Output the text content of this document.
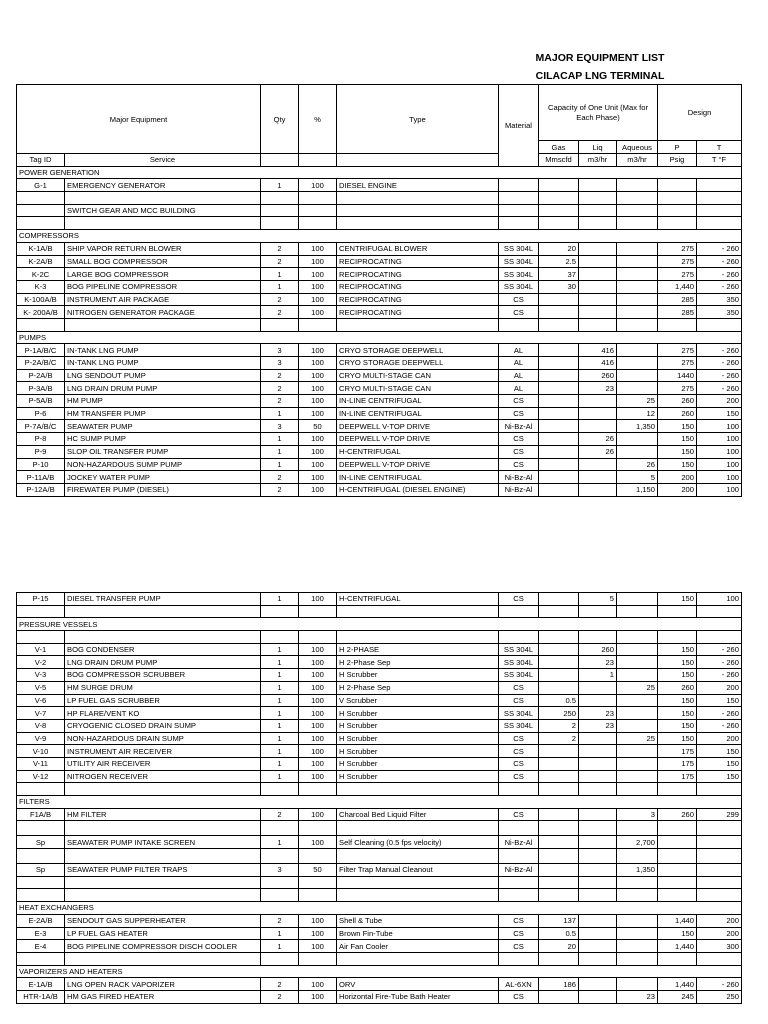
MAJOR EQUIPMENT LIST
CILACAP LNG TERMINAL
Major Equipment		Qty	%	Type	Material	Capacity of One Unit (Max for Each Phase)			Design	
						Gas	Liq	Aqueous	P	T
Tag ID	Service					Mmscfd	m3/hr	m3/hr	Psig	T °F
POWER GENERATION										
G-1	EMERGENCY GENERATOR	1	100	DIESEL ENGINE						

	SWITCH GEAR AND MCC BUILDING									

COMPRESSORS										
K-1A/B	SHIP VAPOR RETURN BLOWER	2	100	CENTRIFUGAL BLOWER	SS 304L	20			275	- 260
K-2A/B	SMALL BOG COMPRESSOR	2	100	RECIPROCATING	SS 304L	2.5			275	- 260
K-2C	LARGE BOG COMPRESSOR	1	100	RECIPROCATING	SS 304L	37			275	- 260
K-3	BOG PIPELINE COMPRESSOR	1	100	RECIPROCATING	SS 304L	30			1,440	- 260
K-100A/B	INSTRUMENT AIR PACKAGE	2	100	RECIPROCATING	CS				285	350
K- 200A/B	NITROGEN GENERATOR PACKAGE	2	100	RECIPROCATING	CS				285	350

PUMPS										
P-1A/B/C	IN-TANK LNG PUMP	3	100	CRYO STORAGE DEEPWELL	AL		416		275	- 260
P-2A/B/C	IN-TANK LNG PUMP	3	100	CRYO STORAGE DEEPWELL	AL		416		275	- 260
P-2A/B	LNG SENDOUT PUMP	2	100	CRYO MULTI-STAGE CAN	AL		260		1440	- 260
P-3A/B	LNG DRAIN DRUM PUMP	2	100	CRYO MULTI-STAGE CAN	AL		23		275	- 260
P-5A/B	HM PUMP	2	100	IN-LINE CENTRIFUGAL	CS			25	260	200
P-6	HM TRANSFER PUMP	1	100	IN-LINE CENTRIFUGAL	CS			12	260	150
P-7A/B/C	SEAWATER PUMP	3	50	DEEPWELL V-TOP DRIVE	Ni-Bz-Al			1,350	150	100
P-8	HC SUMP PUMP	1	100	DEEPWELL V-TOP DRIVE	CS		26		150	100
P-9	SLOP OIL TRANSFER PUMP	1	100	H-CENTRIFUGAL	CS		26		150	100
P-10	NON-HAZARDOUS SUMP PUMP	1	100	DEEPWELL V-TOP DRIVE	CS			26	150	100
P-11A/B	JOCKEY WATER PUMP	2	100	IN-LINE CENTRIFUGAL	Ni-Bz-Al			5	200	100
P-12A/B	FIREWATER PUMP (DIESEL)	2	100	H-CENTRIFUGAL (DIESEL ENGINE)	Ni-Bz-Al			1,150	200	100
P-15	DIESEL TRANSFER PUMP	1	100	H-CENTRIFUGAL	CS		5		150	100

PRESSURE VESSELS										

V-1	BOG CONDENSER	1	100	H 2-PHASE	SS 304L		260		150	- 260
V-2	LNG DRAIN DRUM PUMP	1	100	H 2-Phase Sep	SS 304L		23		150	- 260
V-3	BOG COMPRESSOR SCRUBBER	1	100	H Scrubber	SS 304L		1		150	- 260
V-5	HM SURGE DRUM	1	100	H 2-Phase Sep	CS			25	260	200
V-6	LP FUEL GAS SCRUBBER	1	100	V Scrubber	CS	0.5			150	150
V-7	HP FLARE/VENT KO	1	100	H Scrubber	SS 304L	250	23		150	- 260
V-8	CRYOGENIC CLOSED DRAIN SUMP	1	100	H Scrubber	SS 304L	2	23		150	- 260
V-9	NON-HAZARDOUS DRAIN SUMP	1	100	H Scrubber	CS	2		25	150	200
V-10	INSTRUMENT AIR RECEIVER	1	100	H Scrubber	CS				175	150
V-11	UTILITY AIR RECEIVER	1	100	H Scrubber	CS				175	150
V-12	NITROGEN RECEIVER	1	100	H Scrubber	CS				175	150

FILTERS										
F1A/B	HM FILTER	2	100	Charcoal Bed Liquid Filter	CS			3	260	299

Sp	SEAWATER PUMP INTAKE SCREEN	1	100	Self Cleaning (0.5 fps velocity)	Ni-Bz-Al			2,700		

Sp	SEAWATER PUMP FILTER TRAPS	3	50	Filter Trap Manual Cleanout	Ni-Bz-Al			1,350		

HEAT EXCHANGERS										
E-2A/B	SENDOUT GAS SUPPERHEATER	2	100	Shell & Tube	CS	137			1,440	200
E-3	LP FUEL GAS HEATER	1	100	Brown Fin-Tube	CS	0.5			150	200
E-4	BOG PIPELINE COMPRESSOR DISCH COOLER	1	100	Air Fan Cooler	CS	20			1,440	300

VAPORIZERS AND HEATERS										
E-1A/B	LNG OPEN RACK VAPORIZER	2	100	ORV	AL-6XN	186			1,440	- 260
HTR-1A/B	HM GAS FIRED HEATER	2	100	Horizontal Fire-Tube Bath Heater	CS			23	245	250
